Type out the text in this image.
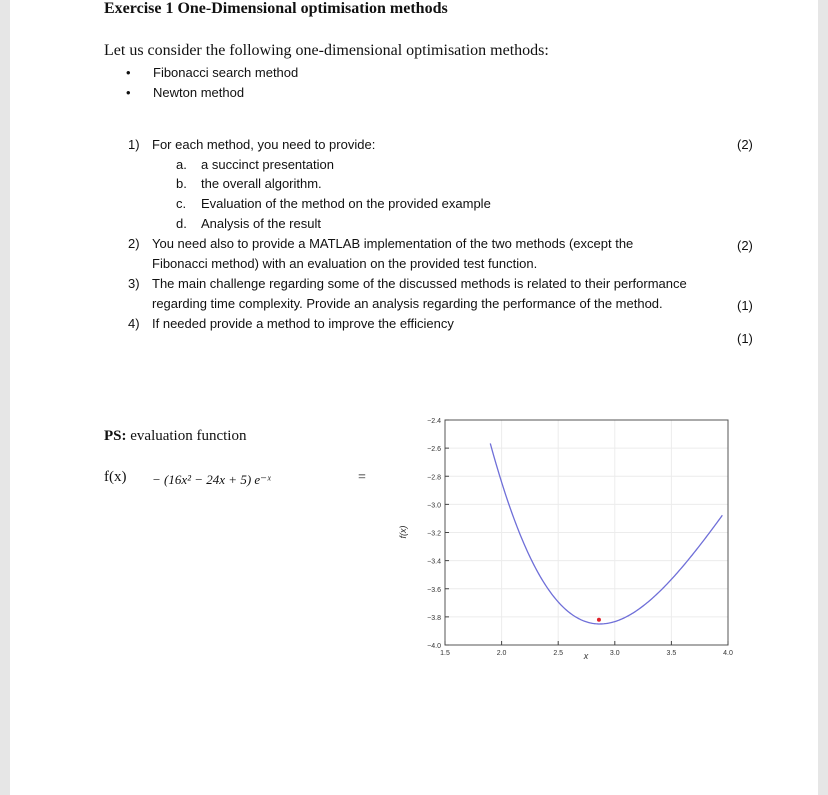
Exercise 1 One-Dimensional optimisation methods
Let us consider the following one-dimensional optimisation methods:
•	Fibonacci search method
•	Newton method
1) For each method, you need to provide:
a. a succinct presentation
b. the overall algorithm.
c. Evaluation of the method on the provided example
d. Analysis of the result
2) You need also to provide a MATLAB implementation of the two methods (except the
Fibonacci method) with an evaluation on the provided test function.
3) The main challenge regarding some of the discussed methods is related to their performance
regarding time complexity. Provide an analysis regarding the performance of the method.
4) If needed provide a method to improve the efficiency
(2)
(2)
(1)
(1)
PS: evaluation function
f(x) − (16x² − 24x + 5) e⁻ˣ	=
−2.4
−2.6
−2.8
−3.0
−3.2
−3.4
−3.6
−3.8
−4.0
1.5	2.0	2.5	3.0	3.5	4.0
f(x)
x
